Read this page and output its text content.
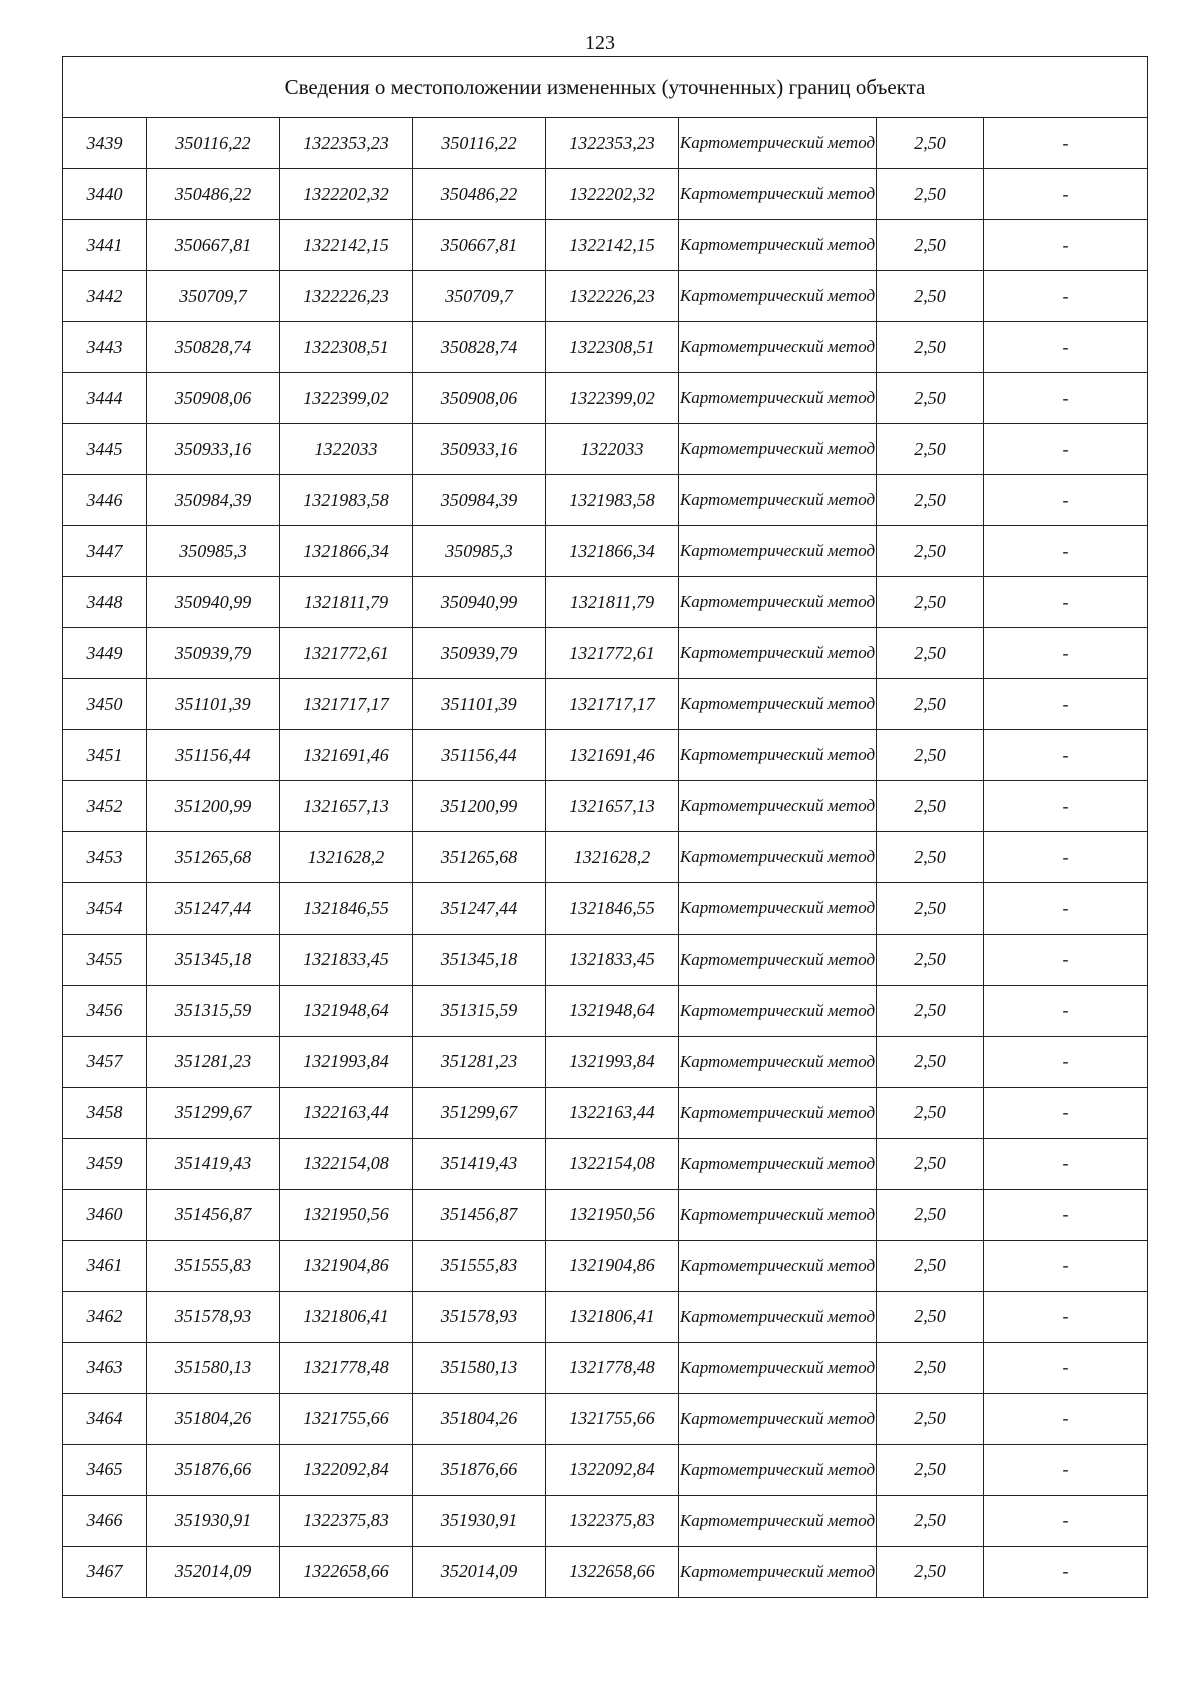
123
Сведения о местоположении измененных (уточненных) границ объекта							
3439	350116,22	1322353,23	350116,22	1322353,23	Картометрический метод	2,50	-
3440	350486,22	1322202,32	350486,22	1322202,32	Картометрический метод	2,50	-
3441	350667,81	1322142,15	350667,81	1322142,15	Картометрический метод	2,50	-
3442	350709,7	1322226,23	350709,7	1322226,23	Картометрический метод	2,50	-
3443	350828,74	1322308,51	350828,74	1322308,51	Картометрический метод	2,50	-
3444	350908,06	1322399,02	350908,06	1322399,02	Картометрический метод	2,50	-
3445	350933,16	1322033	350933,16	1322033	Картометрический метод	2,50	-
3446	350984,39	1321983,58	350984,39	1321983,58	Картометрический метод	2,50	-
3447	350985,3	1321866,34	350985,3	1321866,34	Картометрический метод	2,50	-
3448	350940,99	1321811,79	350940,99	1321811,79	Картометрический метод	2,50	-
3449	350939,79	1321772,61	350939,79	1321772,61	Картометрический метод	2,50	-
3450	351101,39	1321717,17	351101,39	1321717,17	Картометрический метод	2,50	-
3451	351156,44	1321691,46	351156,44	1321691,46	Картометрический метод	2,50	-
3452	351200,99	1321657,13	351200,99	1321657,13	Картометрический метод	2,50	-
3453	351265,68	1321628,2	351265,68	1321628,2	Картометрический метод	2,50	-
3454	351247,44	1321846,55	351247,44	1321846,55	Картометрический метод	2,50	-
3455	351345,18	1321833,45	351345,18	1321833,45	Картометрический метод	2,50	-
3456	351315,59	1321948,64	351315,59	1321948,64	Картометрический метод	2,50	-
3457	351281,23	1321993,84	351281,23	1321993,84	Картометрический метод	2,50	-
3458	351299,67	1322163,44	351299,67	1322163,44	Картометрический метод	2,50	-
3459	351419,43	1322154,08	351419,43	1322154,08	Картометрический метод	2,50	-
3460	351456,87	1321950,56	351456,87	1321950,56	Картометрический метод	2,50	-
3461	351555,83	1321904,86	351555,83	1321904,86	Картометрический метод	2,50	-
3462	351578,93	1321806,41	351578,93	1321806,41	Картометрический метод	2,50	-
3463	351580,13	1321778,48	351580,13	1321778,48	Картометрический метод	2,50	-
3464	351804,26	1321755,66	351804,26	1321755,66	Картометрический метод	2,50	-
3465	351876,66	1322092,84	351876,66	1322092,84	Картометрический метод	2,50	-
3466	351930,91	1322375,83	351930,91	1322375,83	Картометрический метод	2,50	-
3467	352014,09	1322658,66	352014,09	1322658,66	Картометрический метод	2,50	-
